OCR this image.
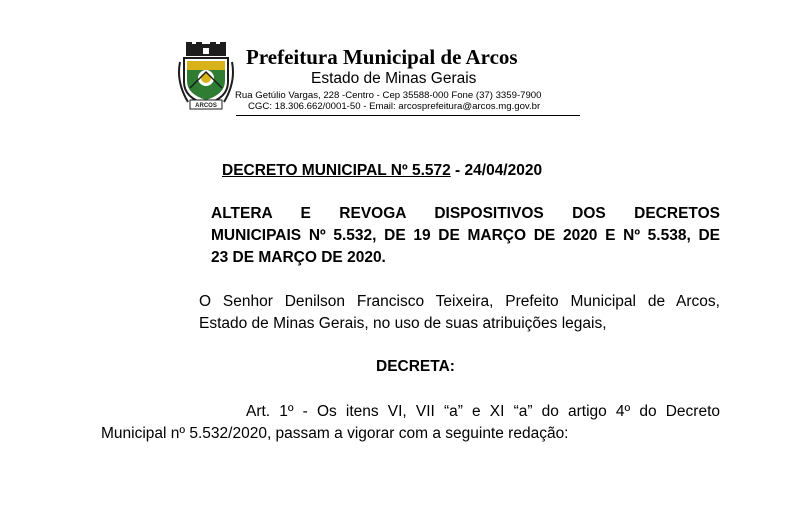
ARCOS
Prefeitura Municipal de Arcos
Estado de Minas Gerais
Rua Getúlio Vargas, 228 -Centro - Cep 35588-000 Fone (37) 3359-7900
CGC: 18.306.662/0001-50 - Email: arcosprefeitura@arcos.mg.gov.br
DECRETO MUNICIPAL Nº 5.572 - 24/04/2020
ALTERA E REVOGA DISPOSITIVOS DOS DECRETOS
MUNICIPAIS Nº 5.532, DE 19 DE MARÇO DE 2020 E Nº 5.538, DE
23 DE MARÇO DE 2020.
O Senhor Denilson Francisco Teixeira, Prefeito Municipal de Arcos,
Estado de Minas Gerais, no uso de suas atribuições legais,
DECRETA:
Art. 1º - Os itens VI, VII “a” e XI “a” do artigo 4º do Decreto
Municipal nº 5.532/2020, passam a vigorar com a seguinte redação:
